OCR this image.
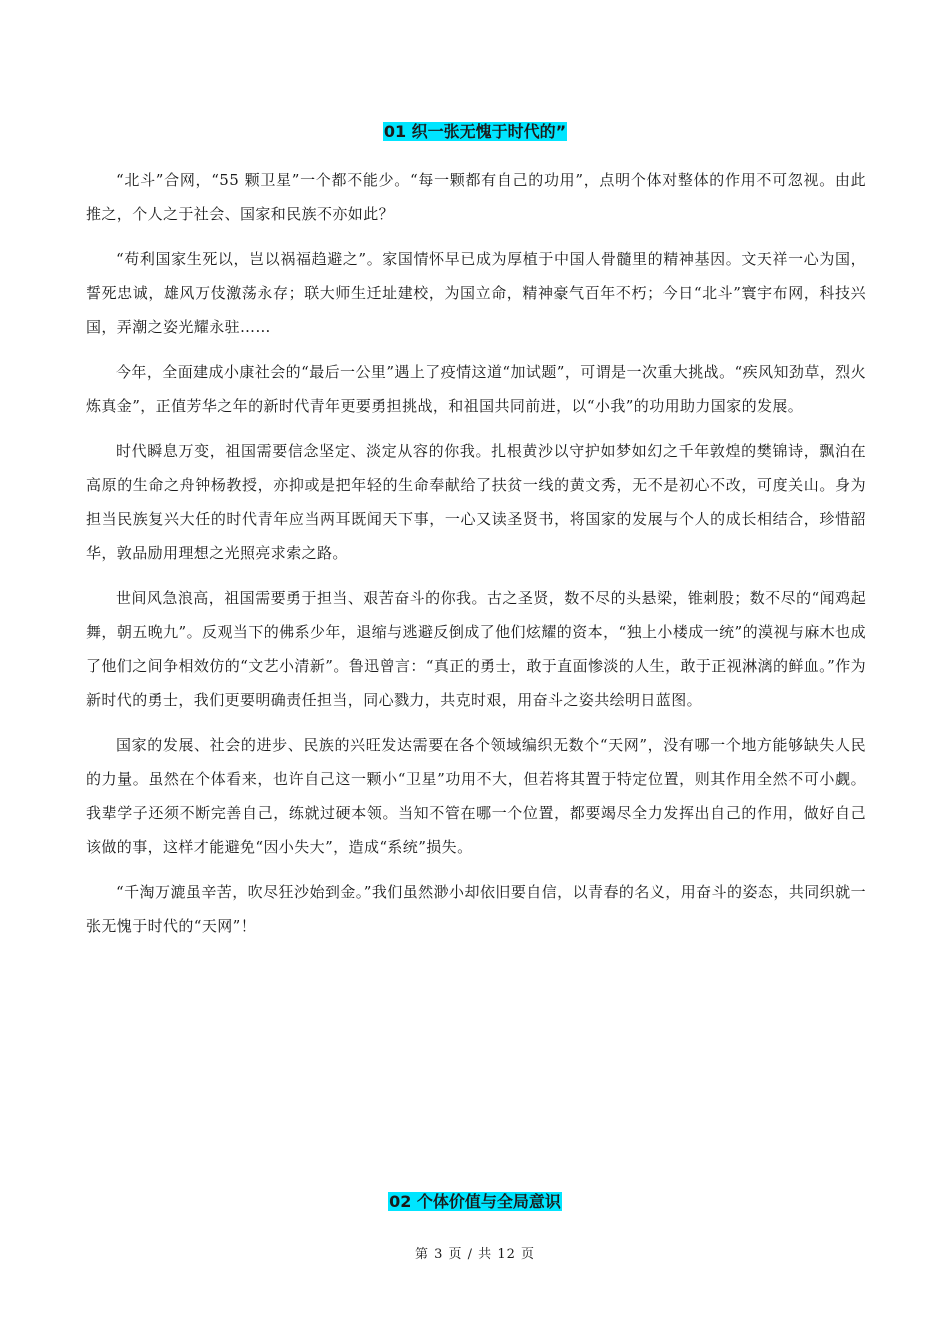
01 织一张无愧于时代的”

“北斗”合网，“55 颗卫星”一个都不能少。“每一颗都有自己的功用”，点明个体对整体的作用不可忽视。由此推之，个人之于社会、国家和民族不亦如此？

“苟利国家生死以，岂以祸福趋避之”。家国情怀早已成为厚植于中国人骨髓里的精神基因。文天祥一心为国，誓死忠诚，雄风万伎激荡永存；联大师生迁址建校，为国立命，精神豪气百年不朽；今日“北斗”寰宇布网，科技兴国，弄潮之姿光耀永驻……

今年，全面建成小康社会的“最后一公里”遇上了疫情这道“加试题”，可谓是一次重大挑战。“疾风知劲草，烈火炼真金”，正值芳华之年的新时代青年更要勇担挑战，和祖国共同前进，以“小我”的功用助力国家的发展。

时代瞬息万变，祖国需要信念坚定、淡定从容的你我。扎根黄沙以守护如梦如幻之千年敦煌的樊锦诗，飘泊在高原的生命之舟钟杨教授，亦抑或是把年轻的生命奉献给了扶贫一线的黄文秀，无不是初心不改，可度关山。身为担当民族复兴大任的时代青年应当两耳既闻天下事，一心又读圣贤书，将国家的发展与个人的成长相结合，珍惜韶华，敦品励用理想之光照亮求索之路。

世间风急浪高，祖国需要勇于担当、艰苦奋斗的你我。古之圣贤，数不尽的头悬梁，锥刺股；数不尽的“闻鸡起舞，朝五晚九”。反观当下的佛系少年，退缩与逃避反倒成了他们炫耀的资本，“独上小楼成一统”的漠视与麻木也成了他们之间争相效仿的“文艺小清新”。鲁迅曾言：“真正的勇士，敢于直面惨淡的人生，敢于正视淋漓的鲜血。”作为新时代的勇士，我们更要明确责任担当，同心戮力，共克时艰，用奋斗之姿共绘明日蓝图。

国家的发展、社会的进步、民族的兴旺发达需要在各个领域编织无数个“天网”，没有哪一个地方能够缺失人民的力量。虽然在个体看来，也许自己这一颗小“卫星”功用不大，但若将其置于特定位置，则其作用全然不可小觑。我辈学子还须不断完善自己，练就过硬本领。当知不管在哪一个位置，都要竭尽全力发挥出自己的作用，做好自己该做的事，这样才能避免“因小失大”，造成“系统”损失。

“千淘万漉虽辛苦，吹尽狂沙始到金。”我们虽然渺小却依旧要自信，以青春的名义，用奋斗的姿态，共同织就一张无愧于时代的“天网”！

02 个体价值与全局意识
第 3 页 / 共 12 页
